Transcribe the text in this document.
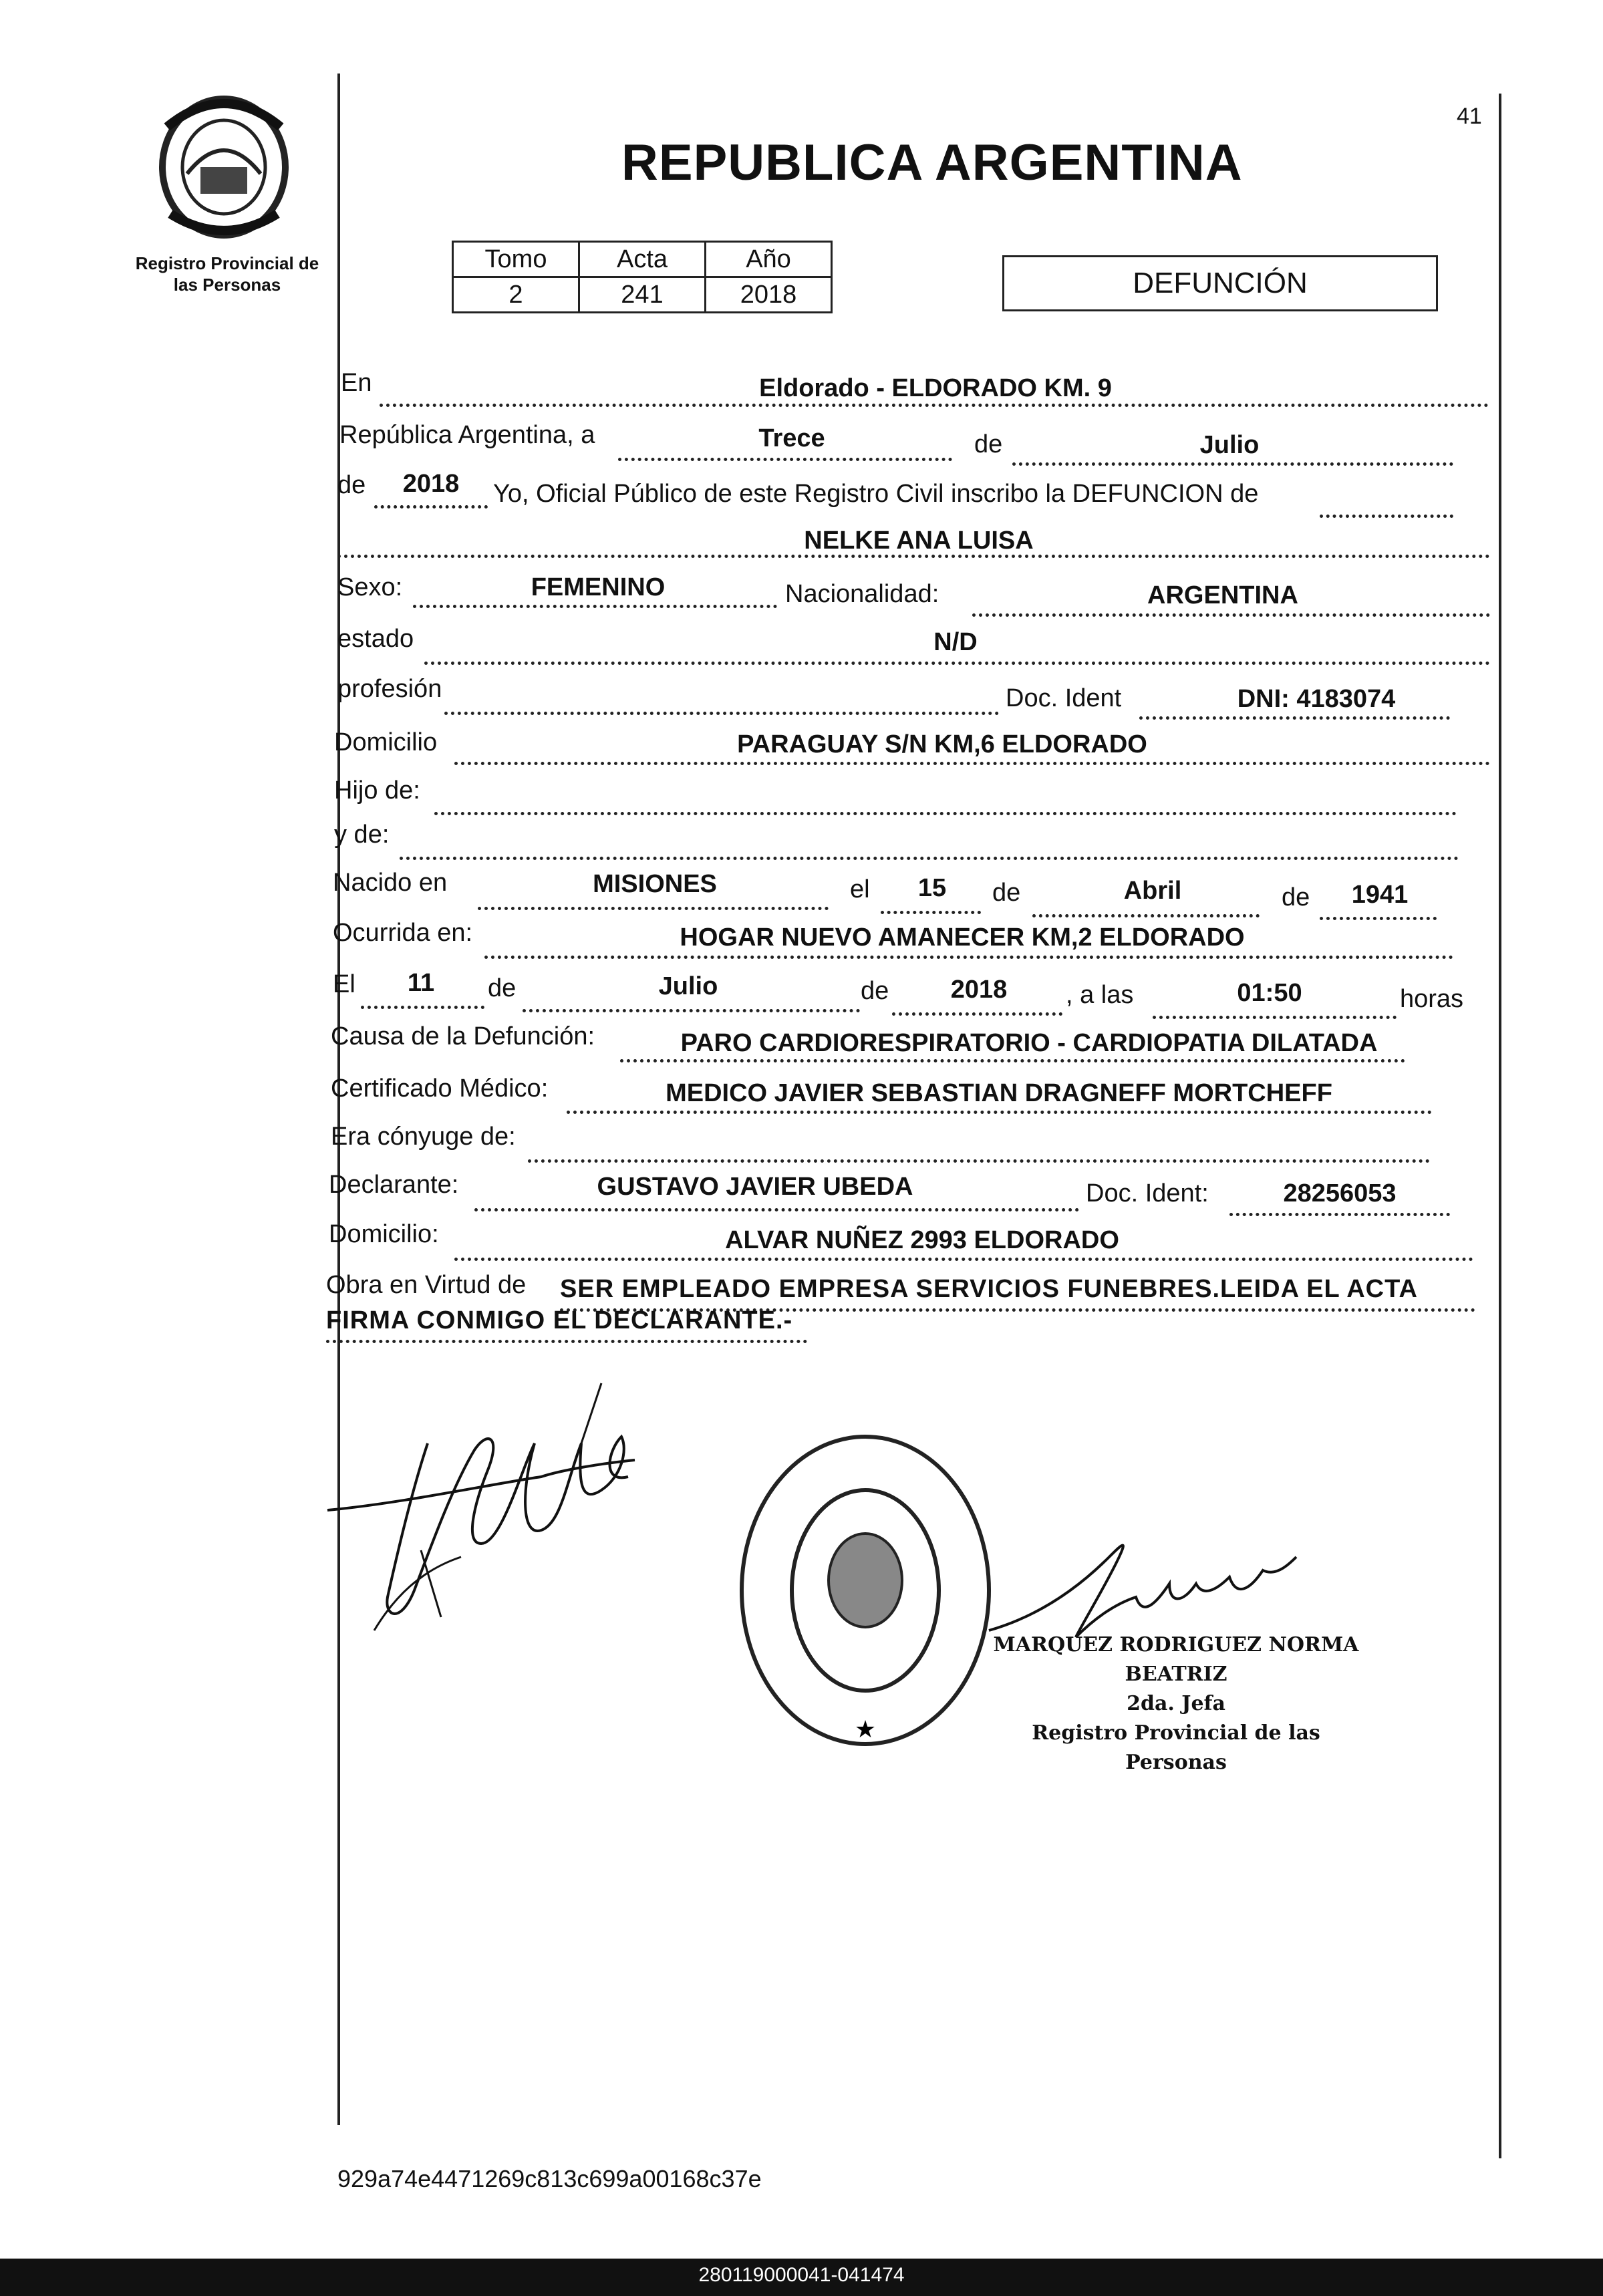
Registro Provincial de
las Personas
41
REPUBLICA ARGENTINA
Tomo	Acta	Año
2	241	2018	DEFUNCIÓN
En	Eldorado - ELDORADO KM. 9
República Argentina, a	Trece	de	Julio
de	2018	Yo, Oficial Público de este Registro Civil inscribo la DEFUNCION de
NELKE ANA LUISA
Sexo:	FEMENINO	Nacionalidad:	ARGENTINA
estado	N/D
profesión	Doc. Ident	DNI: 4183074
Domicilio	PARAGUAY S/N KM,6 ELDORADO
Hijo de:
y de:
Nacido en	MISIONES	el	15	de	Abril	de	1941
Ocurrida en:	HOGAR NUEVO AMANECER KM,2 ELDORADO
El	11	de	Julio	de	2018	, a las	01:50	horas
Causa de la Defunción:	PARO CARDIORESPIRATORIO - CARDIOPATIA DILATADA
Certificado Médico:	MEDICO JAVIER SEBASTIAN DRAGNEFF MORTCHEFF
Era cónyuge de:
Declarante:	GUSTAVO JAVIER UBEDA	Doc. Ident:	28256053
Domicilio:	ALVAR NUÑEZ 2993 ELDORADO
Obra en Virtud de SER EMPLEADO EMPRESA SERVICIOS FUNEBRES.LEIDA EL ACTA
FIRMA CONMIGO EL DECLARANTE.-
★
MARQUEZ RODRIGUEZ NORMA BEATRIZ
2da. Jefa
Registro Provincial de las Personas
929a74e4471269c813c699a00168c37e
280119000041-041474
